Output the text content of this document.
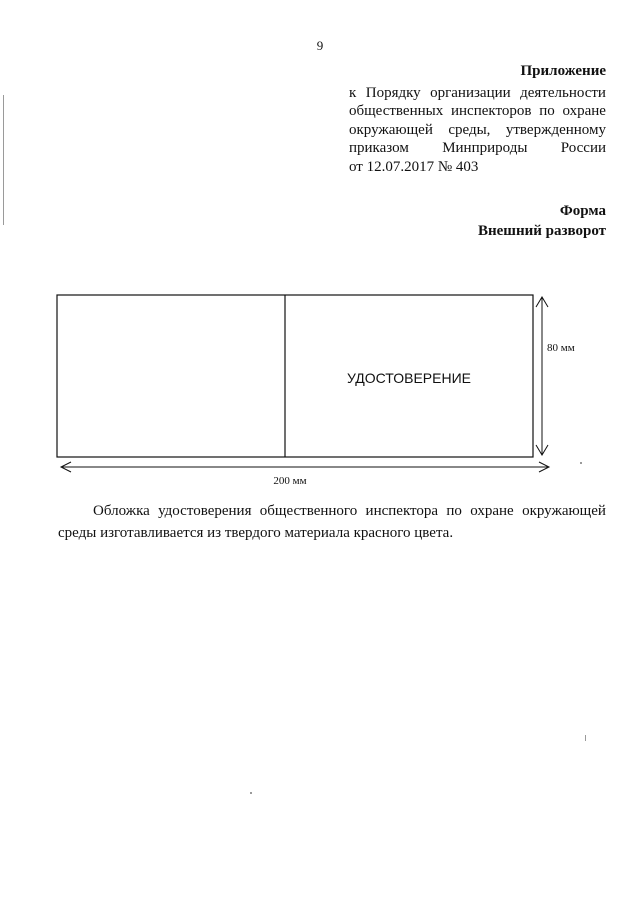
9
Приложение
к Порядку организации деятельности
общественных инспекторов по охране
окружающей среды, утвержденному
приказом Минприроды России
от 12.07.2017 № 403
Форма
Внешний разворот
УДОСТОВЕРЕНИЕ
80 мм
200 мм
Обложка удостоверения общественного инспектора по охране окружающей
среды изготавливается из твердого материала красного цвета.
